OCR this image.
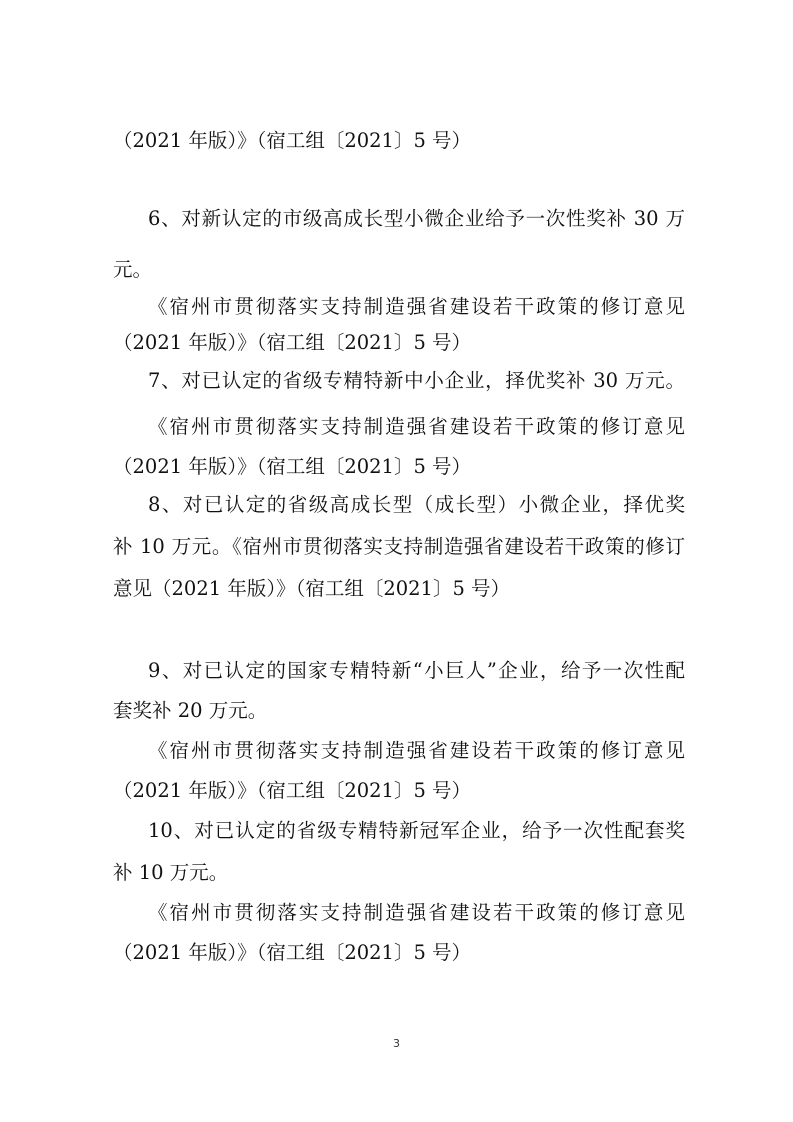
（2021 年版）》（宿工组〔2021〕5 号）
6、对新认定的市级高成长型小微企业给予一次性奖补 30 万
元。
《宿州市贯彻落实支持制造强省建设若干政策的修订意见
（2021 年版）》（宿工组〔2021〕5 号）
7、对已认定的省级专精特新中小企业，择优奖补 30 万元。
《宿州市贯彻落实支持制造强省建设若干政策的修订意见
（2021 年版）》（宿工组〔2021〕5 号）
8、对已认定的省级高成长型（成长型）小微企业，择优奖
补 10 万元。《宿州市贯彻落实支持制造强省建设若干政策的修订
意见（2021 年版）》（宿工组〔2021〕5 号）
9、对已认定的国家专精特新“小巨人”企业，给予一次性配
套奖补 20 万元。
《宿州市贯彻落实支持制造强省建设若干政策的修订意见
（2021 年版）》（宿工组〔2021〕5 号）
10、对已认定的省级专精特新冠军企业，给予一次性配套奖
补 10 万元。
《宿州市贯彻落实支持制造强省建设若干政策的修订意见
（2021 年版）》（宿工组〔2021〕5 号）
3
